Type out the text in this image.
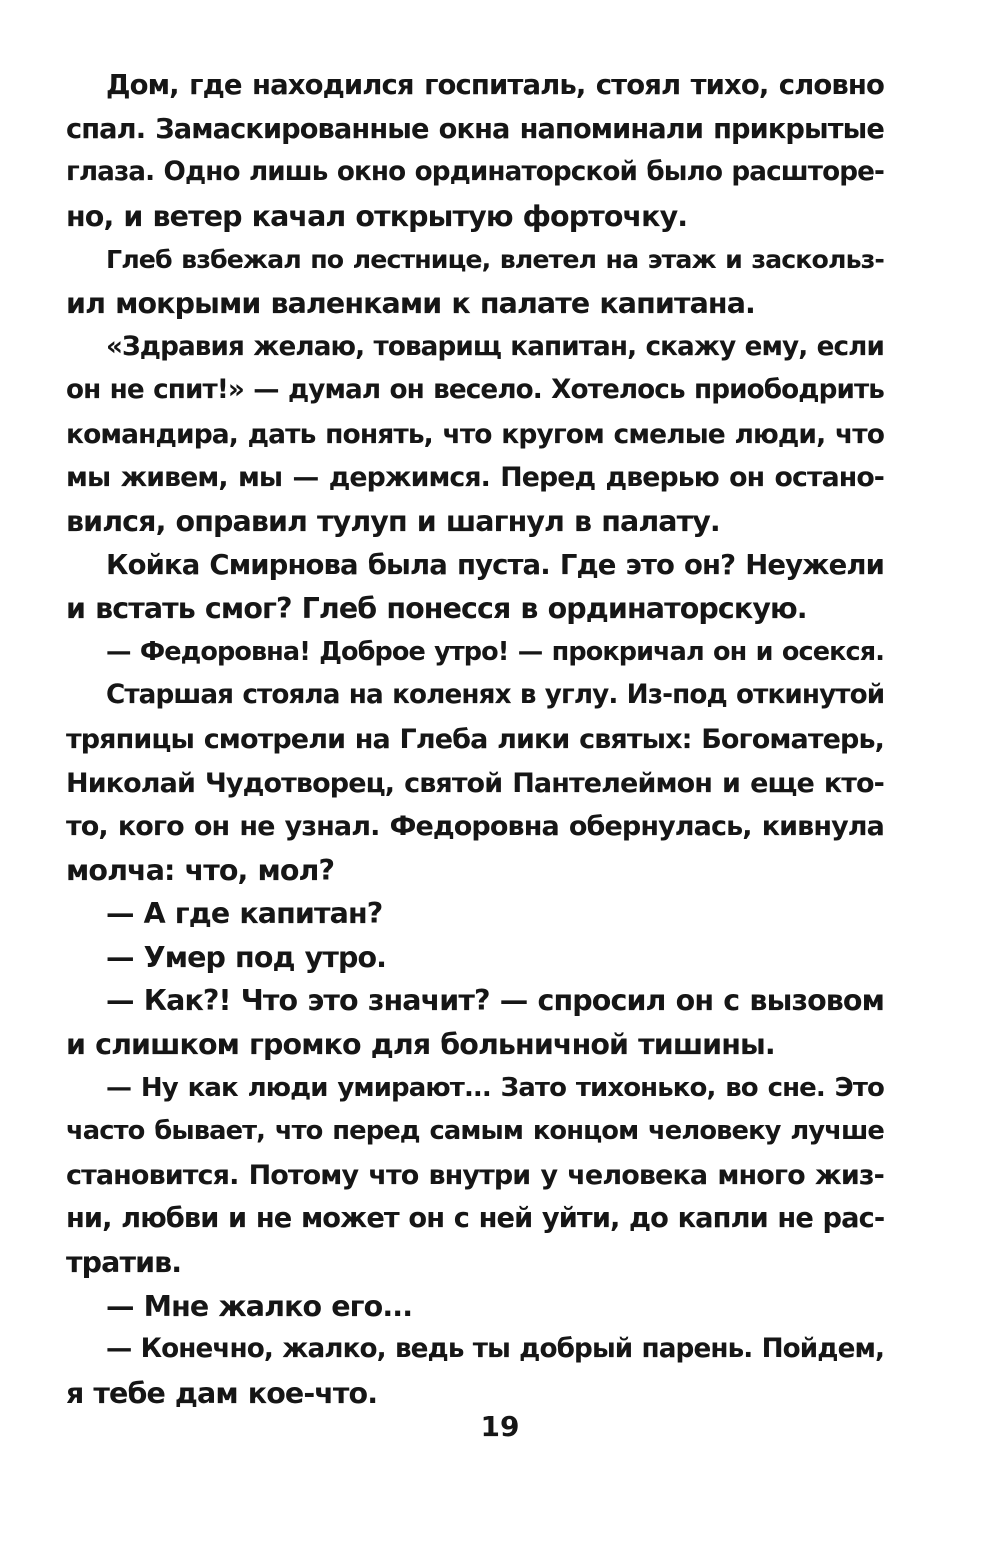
Дом, где находился госпиталь, стоял тихо, словно
спал. Замаскированные окна напоминали прикрытые
глаза. Одно лишь окно ординаторской было расшторе-
но, и ветер качал открытую форточку.
Глеб взбежал по лестнице, влетел на этаж и заскольз-
ил мокрыми валенками к палате капитана.
«Здравия желаю, товарищ капитан, скажу ему, если
он не спит!» — думал он весело. Хотелось приободрить
командира, дать понять, что кругом смелые люди, что
мы живем, мы — держимся. Перед дверью он остано-
вился, оправил тулуп и шагнул в палату.
Койка Смирнова была пуста. Где это он? Неужели
и встать смог? Глеб понесся в ординаторскую.
— Федоровна! Доброе утро! — прокричал он и осекся.
Старшая стояла на коленях в углу. Из-под откинутой
тряпицы смотрели на Глеба лики святых: Богоматерь,
Николай Чудотворец, святой Пантелеймон и еще кто-
то, кого он не узнал. Федоровна обернулась, кивнула
молча: что, мол?
— А где капитан?
— Умер под утро.
— Как?! Что это значит? — спросил он с вызовом
и слишком громко для больничной тишины.
— Ну как люди умирают... Зато тихонько, во сне. Это
часто бывает, что перед самым концом человеку лучше
становится. Потому что внутри у человека много жиз-
ни, любви и не может он с ней уйти, до капли не рас-
тратив.
— Мне жалко его...
— Конечно, жалко, ведь ты добрый парень. Пойдем,
я тебе дам кое-что.
19
